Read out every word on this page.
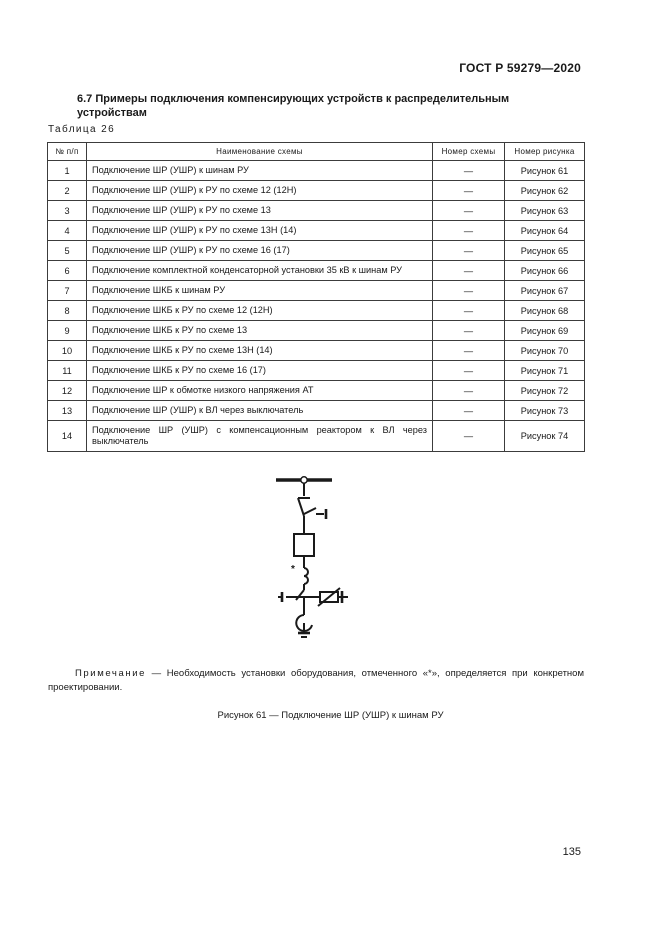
ГОСТ Р 59279—2020
6.7 Примеры подключения компенсирующих устройств к распределительным устройствам
Таблица 26
№ п/п	Наименование схемы	Номер схемы	Номер рисунка
1	Подключение ШР (УШР) к шинам РУ	—	Рисунок 61
2	Подключение ШР (УШР) к РУ по схеме 12 (12Н)	—	Рисунок 62
3	Подключение ШР (УШР) к РУ по схеме 13	—	Рисунок 63
4	Подключение ШР (УШР) к РУ по схеме 13Н (14)	—	Рисунок 64
5	Подключение ШР (УШР) к РУ по схеме 16 (17)	—	Рисунок 65
6	Подключение комплектной конденсаторной установки 35 кВ к шинам РУ	—	Рисунок 66
7	Подключение ШКБ к шинам РУ	—	Рисунок 67
8	Подключение ШКБ к РУ по схеме 12 (12Н)	—	Рисунок 68
9	Подключение ШКБ к РУ по схеме 13	—	Рисунок 69
10	Подключение ШКБ к РУ по схеме 13Н (14)	—	Рисунок 70
11	Подключение ШКБ к РУ по схеме 16 (17)	—	Рисунок 71
12	Подключение ШР к обмотке низкого напряжения АТ	—	Рисунок 72
13	Подключение ШР (УШР) к ВЛ через выключатель	—	Рисунок 73
14	Подключение ШР (УШР) с компенсационным реактором к ВЛ через выключатель	—	Рисунок 74
*
Примечание — Необходимость установки оборудования, отмеченного «*», определяется при конкретном проектировании.
Рисунок 61 — Подключение ШР (УШР) к шинам РУ
135
